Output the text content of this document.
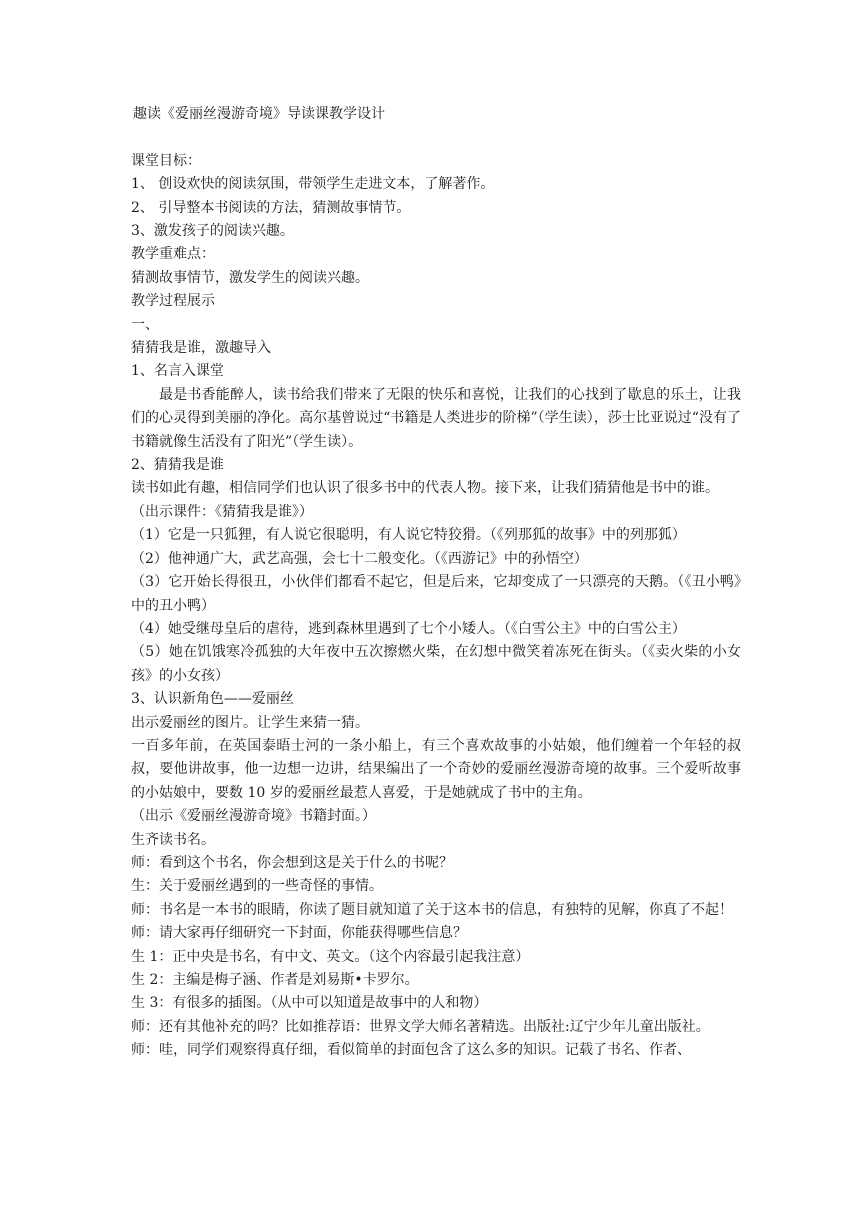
趣读《爱丽丝漫游奇境》导读课教学设计
课堂目标：
1、 创设欢快的阅读氛围，带领学生走进文本，了解著作。
2、 引导整本书阅读的方法，猜测故事情节。
3、激发孩子的阅读兴趣。
教学重难点：
猜测故事情节，激发学生的阅读兴趣。
教学过程展示
一、
猜猜我是谁，激趣导入
1、名言入课堂
最是书香能醉人，读书给我们带来了无限的快乐和喜悦，让我们的心找到了歇息的乐土，让我们的心灵得到美丽的净化。高尔基曾说过“书籍是人类进步的阶梯”（学生读），莎士比亚说过“没有了书籍就像生活没有了阳光”（学生读）。
2、猜猜我是谁
读书如此有趣，相信同学们也认识了很多书中的代表人物。接下来，让我们猜猜他是书中的谁。
（出示课件：《猜猜我是谁》）
（1）它是一只狐狸，有人说它很聪明，有人说它特狡猾。（《列那狐的故事》中的列那狐）
（2）他神通广大，武艺高强，会七十二般变化。（《西游记》中的孙悟空）
（3）它开始长得很丑，小伙伴们都看不起它，但是后来，它却变成了一只漂亮的天鹅。（《丑小鸭》中的丑小鸭）
（4）她受继母皇后的虐待，逃到森林里遇到了七个小矮人。（《白雪公主》中的白雪公主）
（5）她在饥饿寒冷孤独的大年夜中五次擦燃火柴，在幻想中微笑着冻死在街头。（《卖火柴的小女孩》的小女孩）
3、认识新角色——爱丽丝
出示爱丽丝的图片。让学生来猜一猜。
一百多年前，在英国泰晤士河的一条小船上，有三个喜欢故事的小姑娘，他们缠着一个年轻的叔叔，要他讲故事，他一边想一边讲，结果编出了一个奇妙的爱丽丝漫游奇境的故事。三个爱听故事的小姑娘中，要数 10 岁的爱丽丝最惹人喜爱，于是她就成了书中的主角。
（出示《爱丽丝漫游奇境》书籍封面。）
生齐读书名。
师：看到这个书名，你会想到这是关于什么的书呢？
生：关于爱丽丝遇到的一些奇怪的事情。
师：书名是一本书的眼睛，你读了题目就知道了关于这本书的信息，有独特的见解，你真了不起！
师：请大家再仔细研究一下封面，你能获得哪些信息？
生 1：正中央是书名，有中文、英文。（这个内容最引起我注意）
生 2：主编是梅子涵、作者是刘易斯•卡罗尔。
生 3：有很多的插图。（从中可以知道是故事中的人和物）
师：还有其他补充的吗？比如推荐语：世界文学大师名著精选。出版社:辽宁少年儿童出版社。
师：哇，同学们观察得真仔细，看似简单的封面包含了这么多的知识。记载了书名、作者、
